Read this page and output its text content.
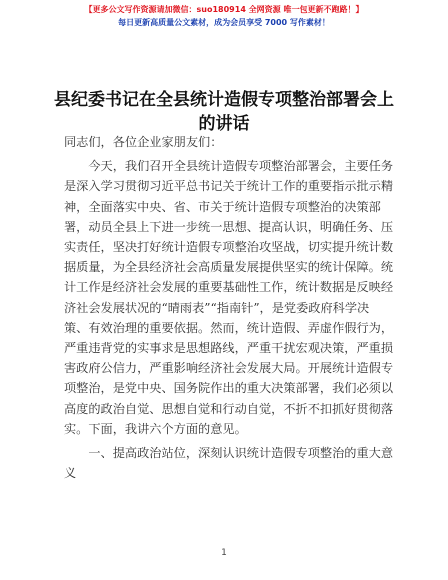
【更多公文写作资源请加微信：suo180914 全网资源 唯一包更新不跑路！】
每日更新高质量公文素材，成为会员享受 7000 写作素材！
县纪委书记在全县统计造假专项整治部署会上
的讲话

同志们，各位企业家朋友们：

　　今天，我们召开全县统计造假专项整治部署会，主要任务
是深入学习贯彻习近平总书记关于统计工作的重要指示批示精
神，全面落实中央、省、市关于统计造假专项整治的决策部
署，动员全县上下进一步统一思想、提高认识，明确任务、压
实责任，坚决打好统计造假专项整治攻坚战，切实提升统计数
据质量，为全县经济社会高质量发展提供坚实的统计保障。统
计工作是经济社会发展的重要基础性工作，统计数据是反映经
济社会发展状况的“晴雨表”“指南针”，是党委政府科学决
策、有效治理的重要依据。然而，统计造假、弄虚作假行为，
严重违背党的实事求是思想路线，严重干扰宏观决策，严重损
害政府公信力，严重影响经济社会发展大局。开展统计造假专
项整治，是党中央、国务院作出的重大决策部署，我们必须以
高度的政治自觉、思想自觉和行动自觉，不折不扣抓好贯彻落
实。下面，我讲六个方面的意见。

　　一、提高政治站位，深刻认识统计造假专项整治的重大意
义

1
